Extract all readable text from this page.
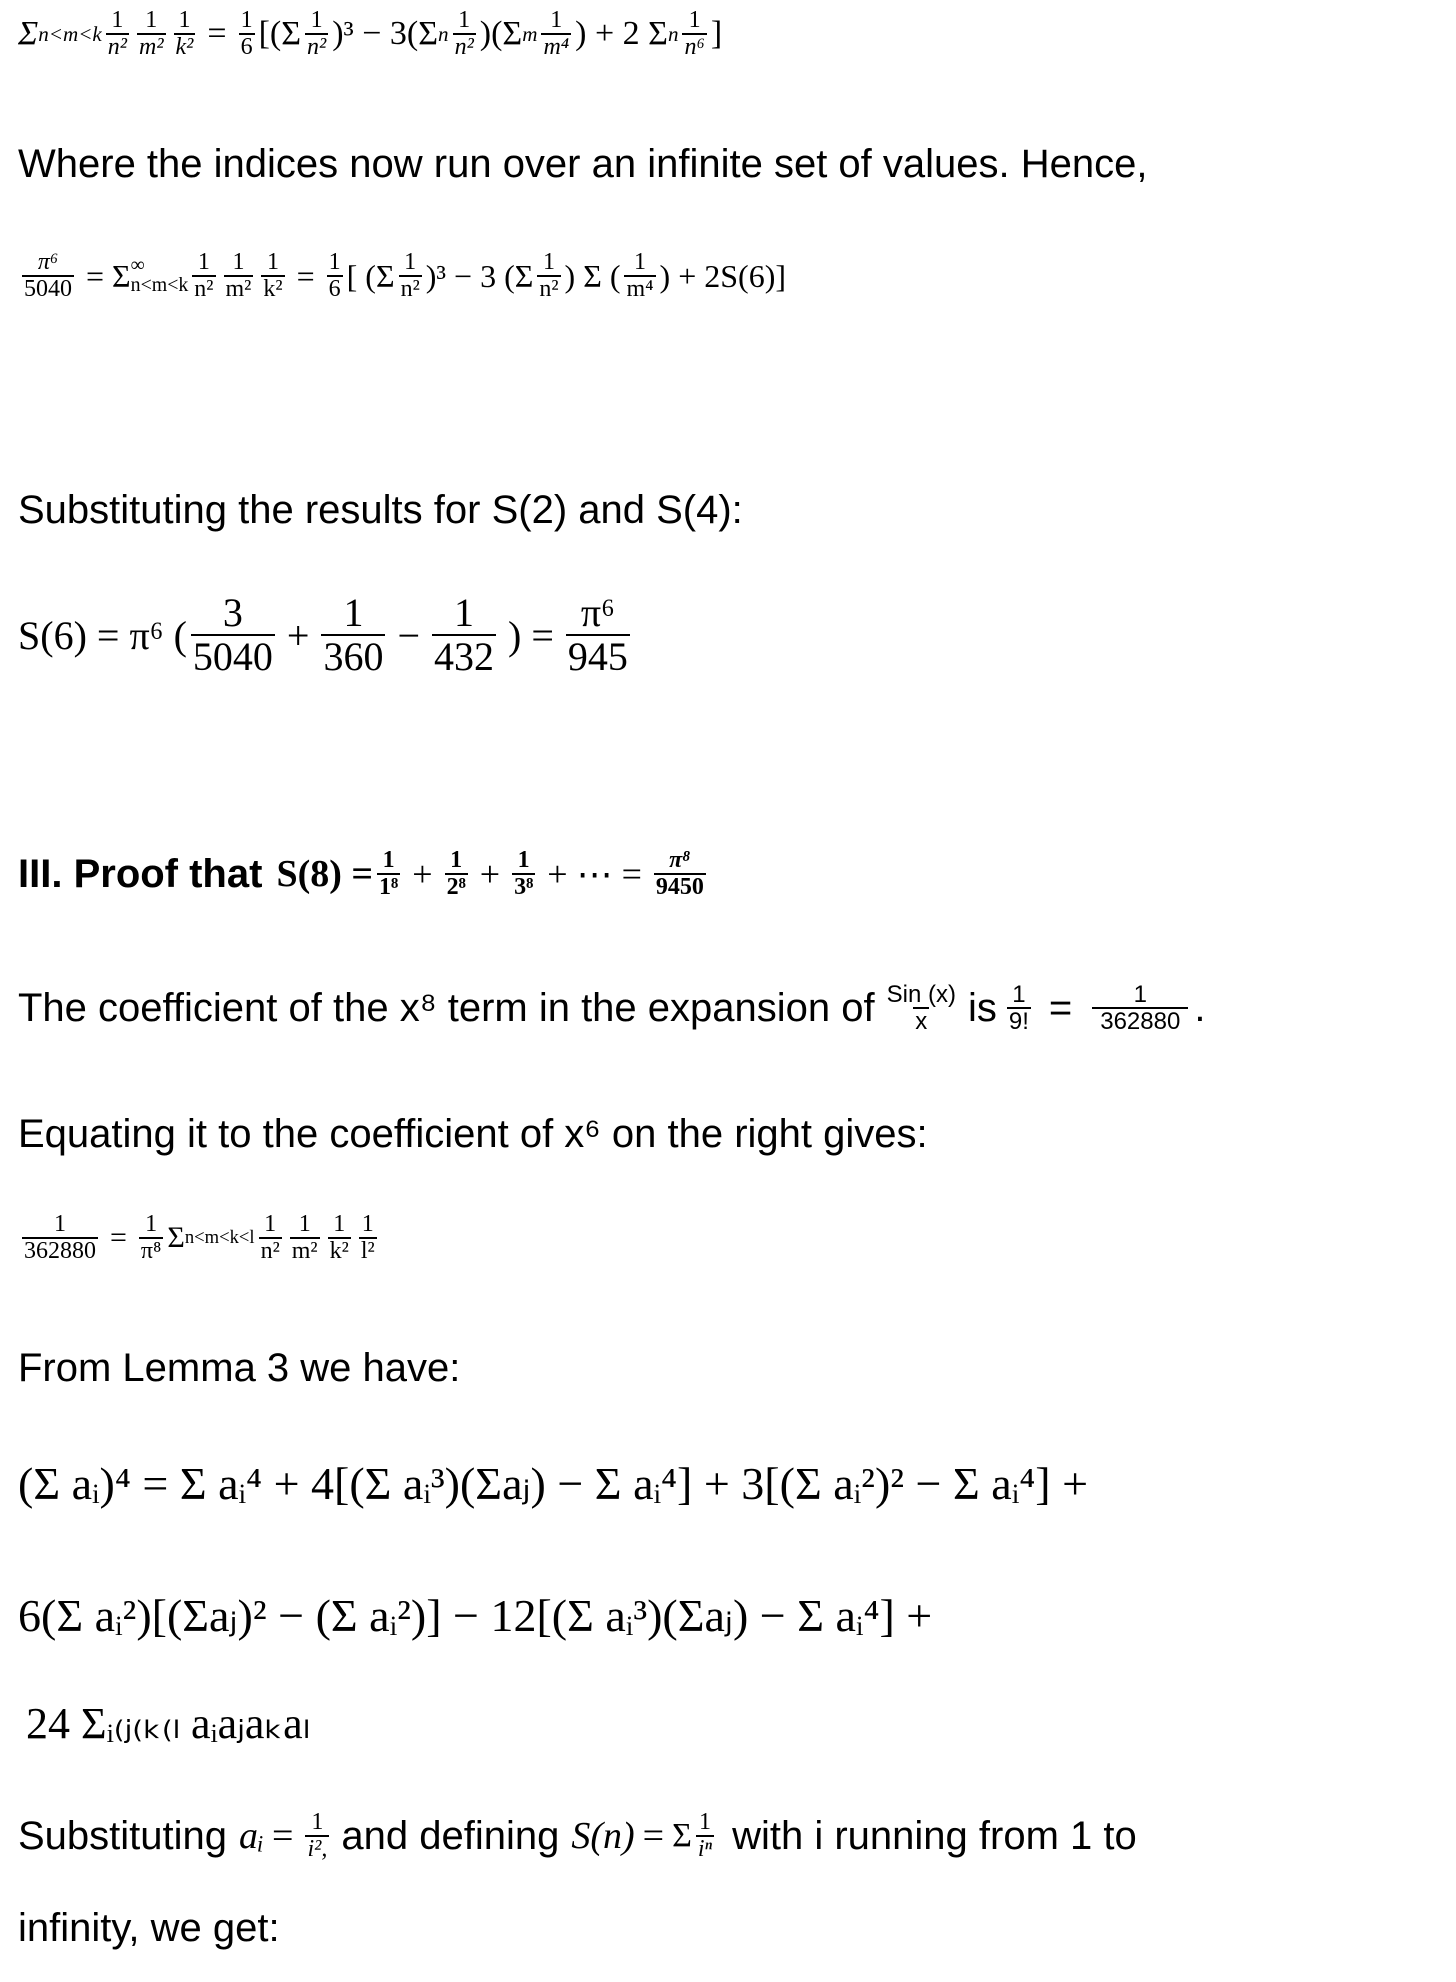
Σ $n<m<k \frac{1}{\text{n²}} \frac{1}{\text{m²}} \frac{1}{\text{k²}} = \frac{1}{6} [(\Sigma \frac{1}{\text{n²}} )^3 - 3(\Sigma$ n $\frac{1}{\text{n²}} )(\Sigma$ m $\frac{1}{\text{m⁴}}$ ) + 2 Σ n $\frac{1}{\text{n⁶}}$ ]
Where the indices now run over an infinite set of values. Hence,
$\frac{\text{π⁶}}{5040} = \Sigma$ ∞
$n<m<k \frac{1}{\text{n²}} \frac{1}{\text{m²}} \frac{1}{\text{k²}} = \frac{1}{6}$ [ $(\Sigma \frac{1}{\text{n²}} )^3 - 3$ ($\Sigma \frac{1}{\text{n²}}$ ) Σ ( $\frac{1}{\text{m⁴}}$ ) + 2S(6)]
Substituting the results for S(2) and S(4):
S(6) = π⁶ ( $\frac{3}{5040} + \frac{1}{360} - \frac{1}{432}$ ) = $\frac{\text{π⁶}}{945}$
III. Proof that $S(8) = \frac{1}{\text{1⁸}} + \frac{1}{\text{2⁸}} + \frac{1}{\text{3⁸}}$ + ⋯ = $\frac{\text{π⁸}}{9450}$
The coefficient of the x⁸ term in the expansion of $\frac{\text{Sin (x)}}{x}$ is $\frac{1}{9!} = \frac{1}{362880}$ .
Equating it to the coefficient of x⁶ on the right gives:
$\frac{1}{362880} = \frac{1}{\text{π⁸}}$ Σ $n<m<k<l \frac{1}{\text{n²}} \frac{1}{\text{m²}} \frac{1}{\text{k²}} \frac{1}{\text{l²}}$
From Lemma 3 we have:
(Σ aᵢ)⁴ = Σ aᵢ⁴ + 4[(Σ aᵢ³)(Σaⱼ) − Σ aᵢ⁴] + 3[(Σ aᵢ²)² − Σ aᵢ⁴] +
6(Σ aᵢ²)[(Σaⱼ)² − (Σ aᵢ²)] − 12[(Σ aᵢ³)(Σaⱼ) − Σ aᵢ⁴] +
24 Σᵢ₍ⱼ₍ₖ₍ₗ aᵢaⱼaₖaₗ
Substituting aᵢ = $\frac{1}{\text{i²,}}$ and defining S(n) = Σ $\frac{1}{\text{iⁿ}}$ with i running from 1 to
infinity, we get:
